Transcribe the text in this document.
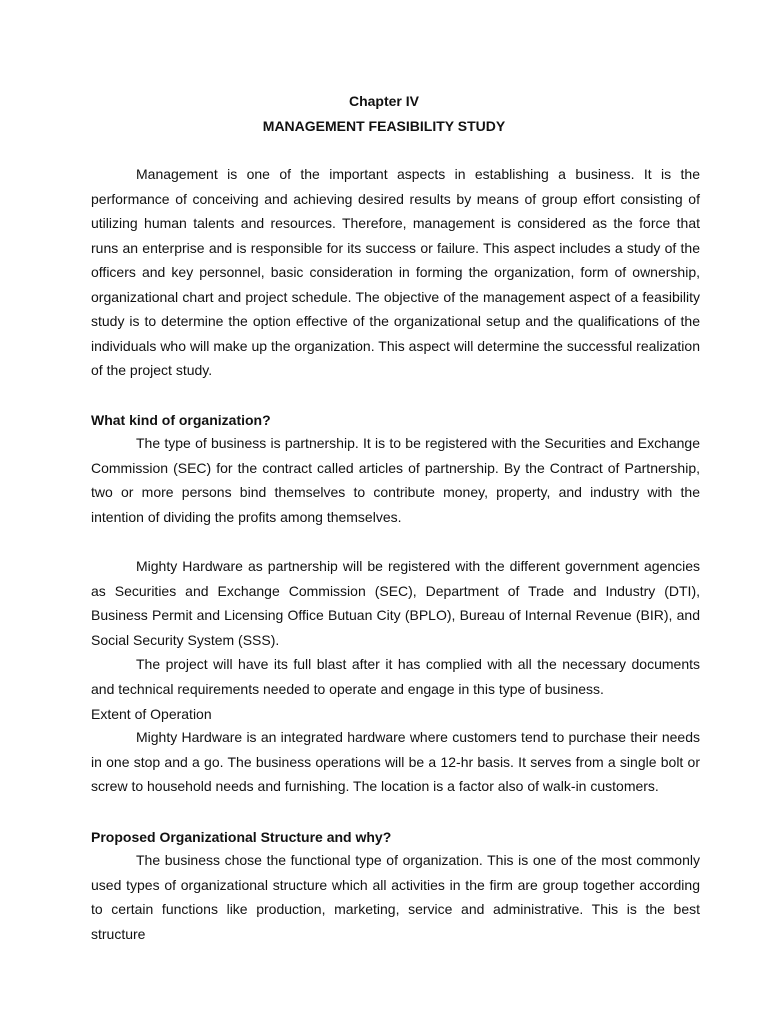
Chapter IV
MANAGEMENT FEASIBILITY STUDY
Management is one of the important aspects in establishing a business. It is the performance of conceiving and achieving desired results by means of group effort consisting of utilizing human talents and resources. Therefore, management is considered as the force that runs an enterprise and is responsible for its success or failure. This aspect includes a study of the officers and key personnel, basic consideration in forming the organization, form of ownership, organizational chart and project schedule. The objective of the management aspect of a feasibility study is to determine the option effective of the organizational setup and the qualifications of the individuals who will make up the organization. This aspect will determine the successful realization of the project study.
What kind of organization?
The type of business is partnership. It is to be registered with the Securities and Exchange Commission (SEC) for the contract called articles of partnership. By the Contract of Partnership, two or more persons bind themselves to contribute money, property, and industry with the intention of dividing the profits among themselves.
Mighty Hardware as partnership will be registered with the different government agencies as Securities and Exchange Commission (SEC), Department of Trade and Industry (DTI), Business Permit and Licensing Office Butuan City (BPLO), Bureau of Internal Revenue (BIR), and Social Security System (SSS).
The project will have its full blast after it has complied with all the necessary documents and technical requirements needed to operate and engage in this type of business.
Extent of Operation
Mighty Hardware is an integrated hardware where customers tend to purchase their needs in one stop and a go. The business operations will be a 12-hr basis. It serves from a single bolt or screw to household needs and furnishing. The location is a factor also of walk-in customers.
Proposed Organizational Structure and why?
The business chose the functional type of organization. This is one of the most commonly used types of organizational structure which all activities in the firm are group together according to certain functions like production, marketing, service and administrative. This is the best structure
